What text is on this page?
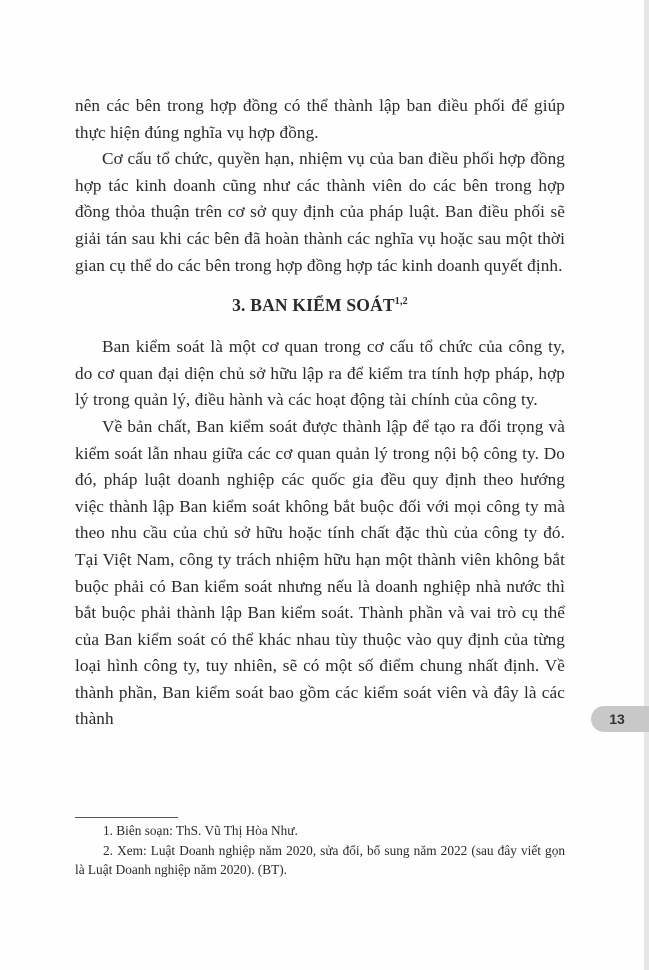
nên các bên trong hợp đồng có thể thành lập ban điều phối để giúp thực hiện đúng nghĩa vụ hợp đồng.

Cơ cấu tổ chức, quyền hạn, nhiệm vụ của ban điều phối hợp đồng hợp tác kinh doanh cũng như các thành viên do các bên trong hợp đồng thỏa thuận trên cơ sở quy định của pháp luật. Ban điều phối sẽ giải tán sau khi các bên đã hoàn thành các nghĩa vụ hoặc sau một thời gian cụ thể do các bên trong hợp đồng hợp tác kinh doanh quyết định.

3. BAN KIỂM SOÁT$^{1,2}$

Ban kiểm soát là một cơ quan trong cơ cấu tổ chức của công ty, do cơ quan đại diện chủ sở hữu lập ra để kiểm tra tính hợp pháp, hợp lý trong quản lý, điều hành và các hoạt động tài chính của công ty.

Về bản chất, Ban kiểm soát được thành lập để tạo ra đối trọng và kiểm soát lẫn nhau giữa các cơ quan quản lý trong nội bộ công ty. Do đó, pháp luật doanh nghiệp các quốc gia đều quy định theo hướng việc thành lập Ban kiểm soát không bắt buộc đối với mọi công ty mà theo nhu cầu của chủ sở hữu hoặc tính chất đặc thù của công ty đó. Tại Việt Nam, công ty trách nhiệm hữu hạn một thành viên không bắt buộc phải có Ban kiểm soát nhưng nếu là doanh nghiệp nhà nước thì bắt buộc phải thành lập Ban kiểm soát. Thành phần và vai trò cụ thể của Ban kiểm soát có thể khác nhau tùy thuộc vào quy định của từng loại hình công ty, tuy nhiên, sẽ có một số điểm chung nhất định. Về thành phần, Ban kiểm soát bao gồm các kiểm soát viên và đây là các thành

1. Biên soạn: ThS. Vũ Thị Hòa Như.

2. Xem: Luật Doanh nghiệp năm 2020, sửa đổi, bổ sung năm 2022 (sau đây viết gọn là Luật Doanh nghiệp năm 2020). (BT).

13
